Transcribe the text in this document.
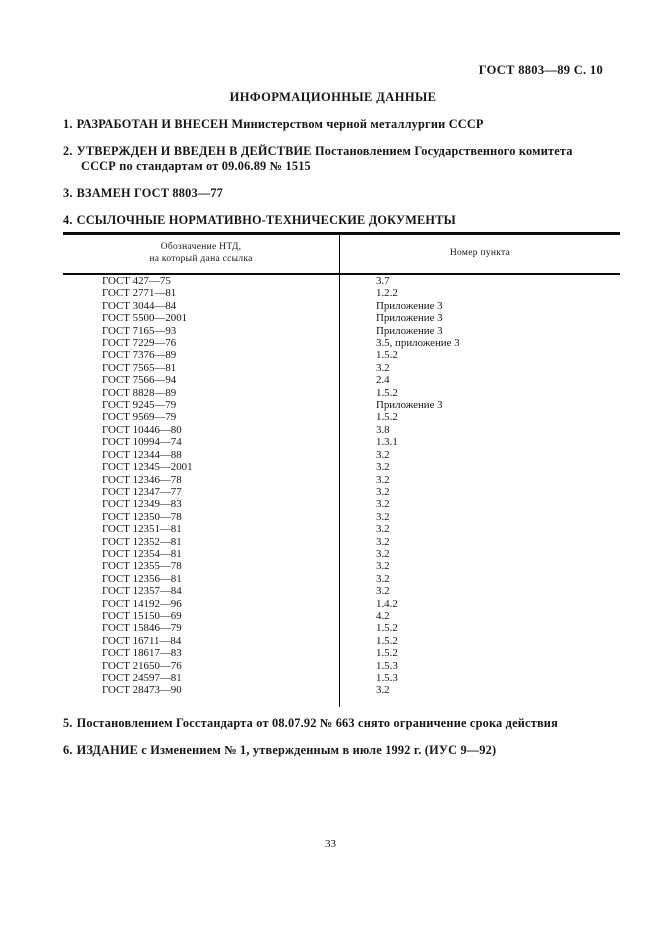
ГОСТ 8803—89 С. 10
ИНФОРМАЦИОННЫЕ ДАННЫЕ
1. РАЗРАБОТАН И ВНЕСЕН Министерством черной металлургии СССР
2. УТВЕРЖДЕН И ВВЕДЕН В ДЕЙСТВИЕ Постановлением Государственного комитета СССР по стандартам от 09.06.89 № 1515
3. ВЗАМЕН ГОСТ 8803—77
4. ССЫЛОЧНЫЕ НОРМАТИВНО-ТЕХНИЧЕСКИЕ ДОКУМЕНТЫ
Обозначение НТД,
на который дана ссылка	Номер пункта
ГОСТ 427—75	3.7
ГОСТ 2771—81	1.2.2
ГОСТ 3044—84	Приложение 3
ГОСТ 5500—2001	Приложение 3
ГОСТ 7165—93	Приложение 3
ГОСТ 7229—76	3.5, приложение 3
ГОСТ 7376—89	1.5.2
ГОСТ 7565—81	3.2
ГОСТ 7566—94	2.4
ГОСТ 8828—89	1.5.2
ГОСТ 9245—79	Приложение 3
ГОСТ 9569—79	1.5.2
ГОСТ 10446—80	3.8
ГОСТ 10994—74	1.3.1
ГОСТ 12344—88	3.2
ГОСТ 12345—2001	3.2
ГОСТ 12346—78	3.2
ГОСТ 12347—77	3.2
ГОСТ 12349—83	3.2
ГОСТ 12350—78	3.2
ГОСТ 12351—81	3.2
ГОСТ 12352—81	3.2
ГОСТ 12354—81	3.2
ГОСТ 12355—78	3.2
ГОСТ 12356—81	3.2
ГОСТ 12357—84	3.2
ГОСТ 14192—96	1.4.2
ГОСТ 15150—69	4.2
ГОСТ 15846—79	1.5.2
ГОСТ 16711—84	1.5.2
ГОСТ 18617—83	1.5.2
ГОСТ 21650—76	1.5.3
ГОСТ 24597—81	1.5.3
ГОСТ 28473—90	3.2

5. Постановлением Госстандарта от 08.07.92 № 663 снято ограничение срока действия
6. ИЗДАНИЕ с Изменением № 1, утвержденным в июле 1992 г. (ИУС 9—92)
33
